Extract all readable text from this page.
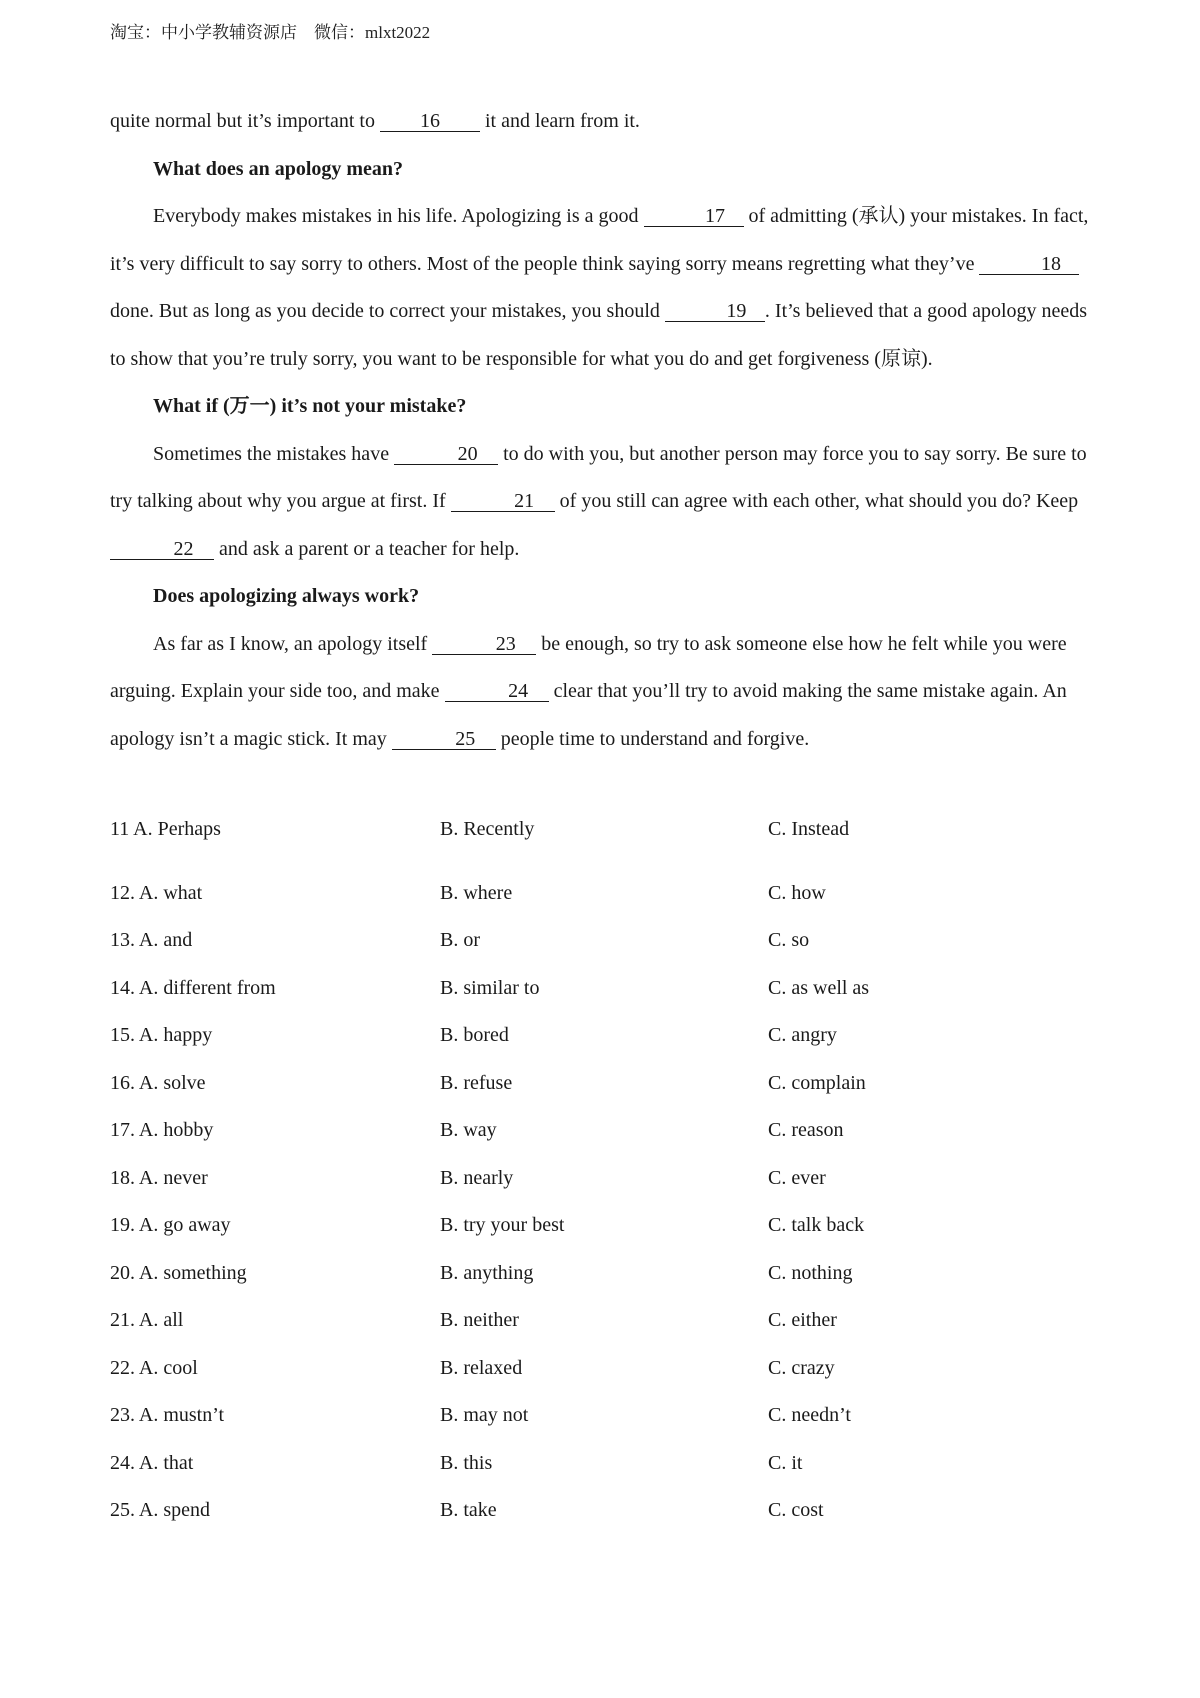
淘宝：中小学教辅资源店 微信：mlxt2022

quite normal but it’s important to 16 it and learn from it.

What does an apology mean?

Everybody makes mistakes in his life. Apologizing is a good	17 of admitting (承认) your mistakes. In fact, it’s very difficult to say sorry to others. Most of the people think saying sorry means regretting what they’ve	18 done. But as long as you decide to correct your mistakes, you should	19 . It’s believed that a good apology needs to show that you’re truly sorry, you want to be responsible for what you do and get forgiveness (原谅).

What if (万一) it’s not your mistake?

Sometimes the mistakes have	20 to do with you, but another person may force you to say sorry. Be sure to try talking about why you argue at first. If	21 of you still can agree with each other, what should you do? Keep 22 and ask a parent or a teacher for help.

Does apologizing always work?

As far as I know, an apology itself	23 be enough, so try to ask someone else how he felt while you were arguing. Explain your side too, and make	24 clear that you’ll try to avoid making the same mistake again. An apology isn’t a magic stick. It may	25 people time to understand and forgive.

11 A. Perhaps	B. Recently	C. Instead
12. A. what	B. where	C. how
13. A. and	B. or	C. so
14. A. different from	B. similar to	C. as well as
15. A. happy	B. bored	C. angry
16. A. solve	B. refuse	C. complain
17. A. hobby	B. way	C. reason
18. A. never	B. nearly	C. ever
19. A. go away	B. try your best	C. talk back
20. A. something	B. anything	C. nothing
21. A. all	B. neither	C. either
22. A. cool	B. relaxed	C. crazy
23. A. mustn’t	B. may not	C. needn’t
24. A. that	B. this	C. it
25. A. spend	B. take	C. cost
